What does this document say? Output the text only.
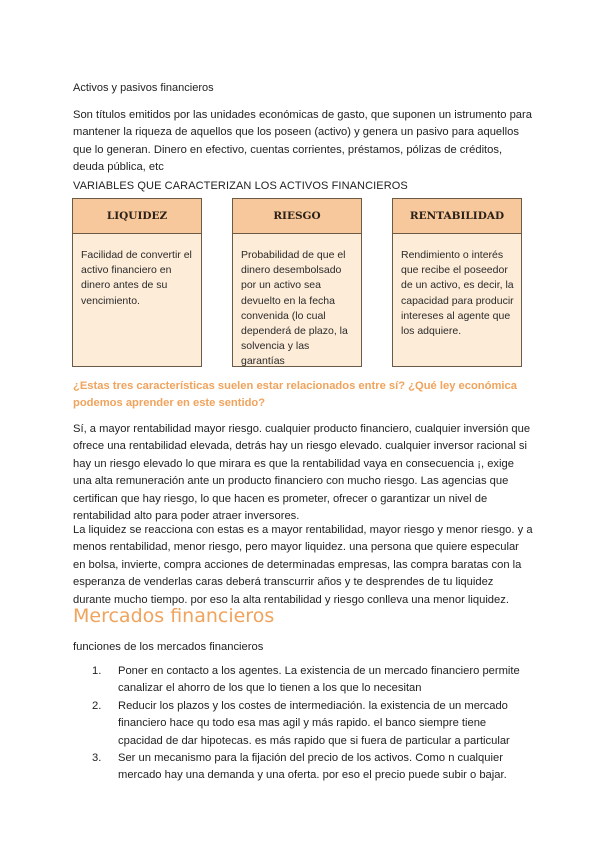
Activos y pasivos financieros
Son títulos emitidos por las unidades económicas de gasto, que suponen un istrumento para mantener la riqueza de aquellos que los poseen (activo) y genera un pasivo para aquellos que lo generan. Dinero en efectivo, cuentas corrientes, préstamos, pólizas de créditos, deuda pública, etc
VARIABLES QUE CARACTERIZAN LOS ACTIVOS FINANCIEROS
LIQUIDEZ
Facilidad de convertir el activo financiero en dinero antes de su vencimiento.
RIESGO
Probabilidad de que el dinero desembolsado por un activo sea devuelto en la fecha convenida (lo cual dependerá de plazo, la solvencia y las garantías
RENTABILIDAD
Rendimiento o interés que recibe el poseedor de un activo, es decir, la capacidad para producir intereses al agente que los adquiere.
¿Estas tres características suelen estar relacionados entre sí? ¿Qué ley económica podemos aprender en este sentido?
Sí, a mayor rentabilidad mayor riesgo. cualquier producto financiero, cualquier inversión que ofrece una rentabilidad elevada, detrás hay un riesgo elevado. cualquier inversor racional si hay un riesgo elevado lo que mirara es que la rentabilidad vaya en consecuencia ¡, exige una alta remuneración ante un producto financiero con mucho riesgo. Las agencias que certifican que hay riesgo, lo que hacen es prometer, ofrecer o garantizar un nivel de rentabilidad alto para poder atraer inversores.
La liquidez se reacciona con estas es a mayor rentabilidad, mayor riesgo y menor riesgo. y a menos rentabilidad, menor riesgo, pero mayor liquidez. una persona que quiere especular en bolsa, invierte, compra acciones de determinadas empresas, las compra baratas con la esperanza de venderlas caras deberá transcurrir años y te desprendes de tu liquidez durante mucho tiempo. por eso la alta rentabilidad y riesgo conlleva una menor liquidez.
Mercados financieros
funciones de los mercados financieros
1. Poner en contacto a los agentes. La existencia de un mercado financiero permite canalizar el ahorro de los que lo tienen a los que lo necesitan
2. Reducir los plazos y los costes de intermediación. la existencia de un mercado financiero hace qu todo esa mas agil y más rapido. el banco siempre tiene cpacidad de dar hipotecas. es más rapido que si fuera de particular a particular
3. Ser un mecanismo para la fijación del precio de los activos. Como n cualquier mercado hay una demanda y una oferta. por eso el precio puede subir o bajar.
